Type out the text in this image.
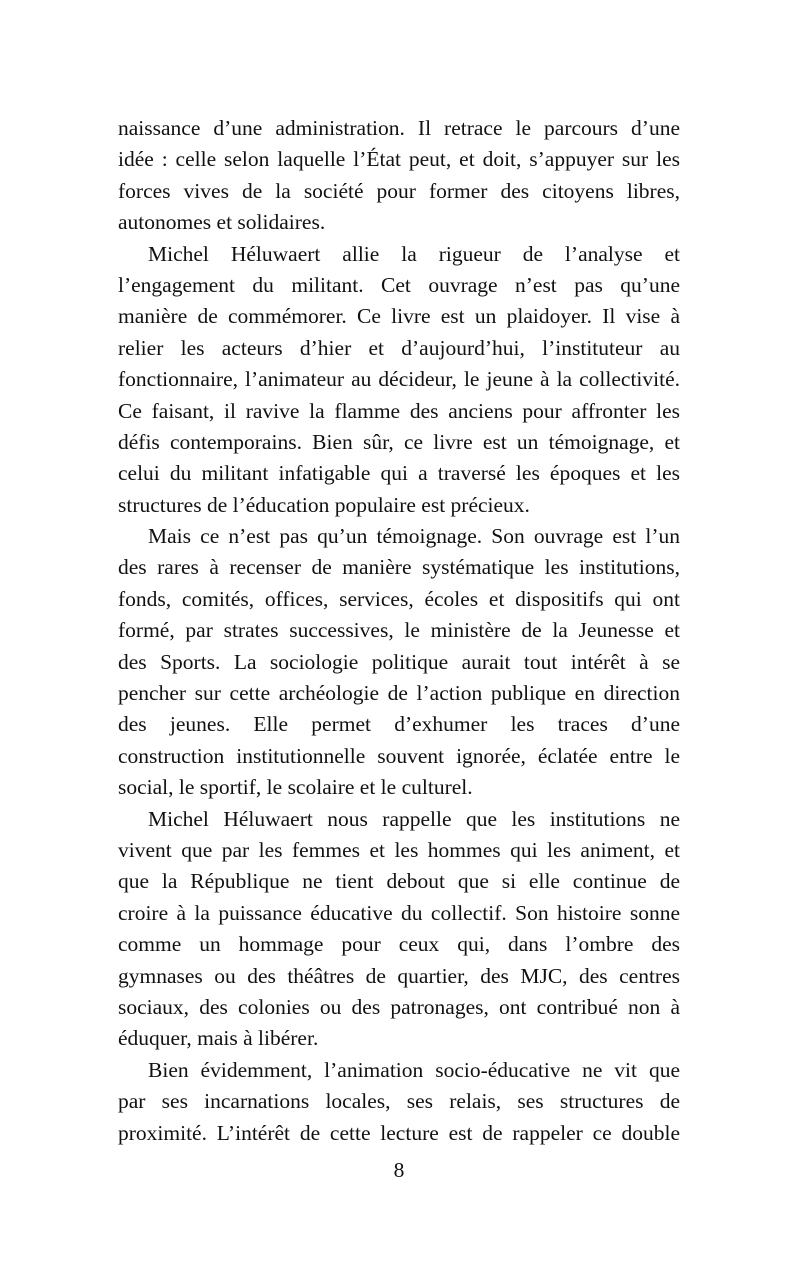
naissance d’une administration. Il retrace le parcours d’une
idée : celle selon laquelle l’État peut, et doit, s’appuyer sur les
forces vives de la société pour former des citoyens libres,
autonomes et solidaires.
Michel Héluwaert allie la rigueur de l’analyse et
l’engagement du militant. Cet ouvrage n’est pas qu’une
manière de commémorer. Ce livre est un plaidoyer. Il vise à
relier les acteurs d’hier et d’aujourd’hui, l’instituteur au
fonctionnaire, l’animateur au décideur, le jeune à la collectivité.
Ce faisant, il ravive la flamme des anciens pour affronter les
défis contemporains. Bien sûr, ce livre est un témoignage, et
celui du militant infatigable qui a traversé les époques et les
structures de l’éducation populaire est précieux.
Mais ce n’est pas qu’un témoignage. Son ouvrage est l’un
des rares à recenser de manière systématique les institutions,
fonds, comités, offices, services, écoles et dispositifs qui ont
formé, par strates successives, le ministère de la Jeunesse et
des Sports. La sociologie politique aurait tout intérêt à se
pencher sur cette archéologie de l’action publique en direction
des jeunes. Elle permet d’exhumer les traces d’une
construction institutionnelle souvent ignorée, éclatée entre le
social, le sportif, le scolaire et le culturel.
Michel Héluwaert nous rappelle que les institutions ne
vivent que par les femmes et les hommes qui les animent, et
que la République ne tient debout que si elle continue de
croire à la puissance éducative du collectif. Son histoire sonne
comme un hommage pour ceux qui, dans l’ombre des
gymnases ou des théâtres de quartier, des MJC, des centres
sociaux, des colonies ou des patronages, ont contribué non à
éduquer, mais à libérer.
Bien évidemment, l’animation socio-éducative ne vit que
par ses incarnations locales, ses relais, ses structures de
proximité. L’intérêt de cette lecture est de rappeler ce double
8
